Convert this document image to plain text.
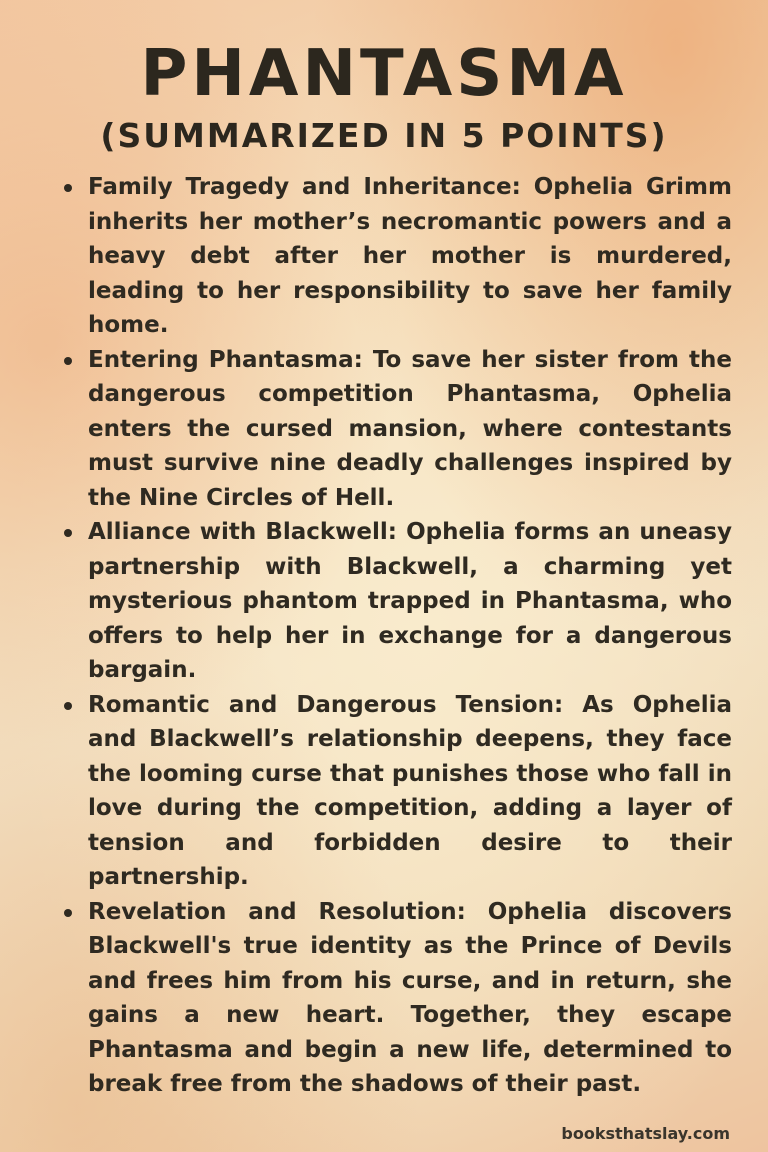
PHANTASMA
(SUMMARIZED IN 5 POINTS)
Family Tragedy and Inheritance: Ophelia Grimm inherits her mother’s necromantic powers and a heavy debt after her mother is murdered, leading to her responsibility to save her family home.
Entering Phantasma: To save her sister from the dangerous competition Phantasma, Ophelia enters the cursed mansion, where contestants must survive nine deadly challenges inspired by the Nine Circles of Hell.
Alliance with Blackwell: Ophelia forms an uneasy partnership with Blackwell, a charming yet mysterious phantom trapped in Phantasma, who offers to help her in exchange for a dangerous bargain.
Romantic and Dangerous Tension: As Ophelia and Blackwell’s relationship deepens, they face the looming curse that punishes those who fall in love during the competition, adding a layer of tension and forbidden desire to their partnership.
Revelation and Resolution: Ophelia discovers Blackwell's true identity as the Prince of Devils and frees him from his curse, and in return, she gains a new heart. Together, they escape Phantasma and begin a new life, determined to break free from the shadows of their past.
booksthatslay.com
